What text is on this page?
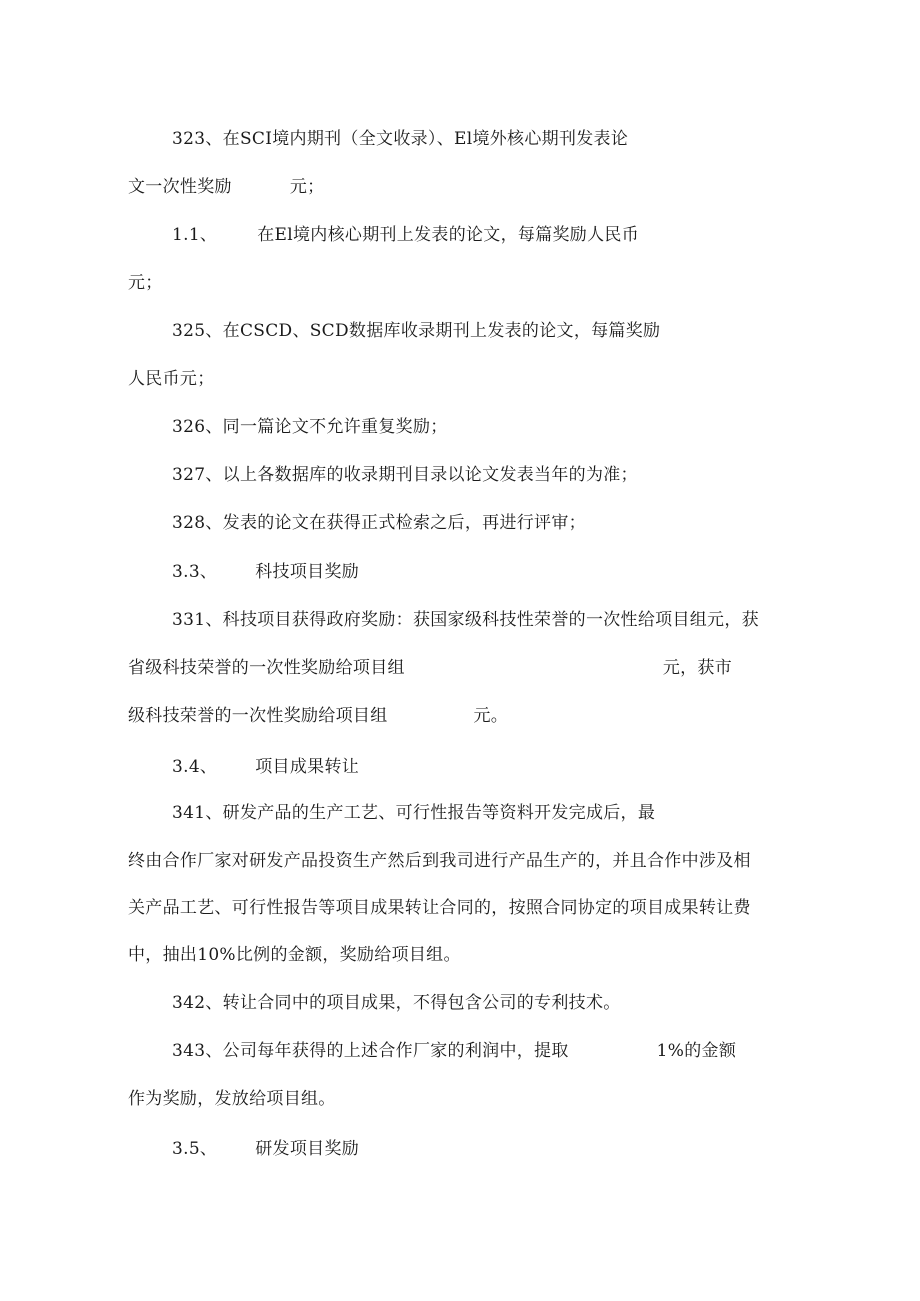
323、在SCI境内期刊（全文收录）、El境外核心期刊发表论
文一次性奖励	元；
1.1、 在El境内核心期刊上发表的论文，每篇奖励人民币
元；
325、在CSCD、SCD数据库收录期刊上发表的论文，每篇奖励
人民币元；
326、同一篇论文不允许重复奖励；
327、以上各数据库的收录期刊目录以论文发表当年的为准；
328、发表的论文在获得正式检索之后，再进行评审；
3.3、 科技项目奖励
331、科技项目获得政府奖励：获国家级科技性荣誉的一次性给项目组元，获
省级科技荣誉的一次性奖励给项目组	元，获市
级科技荣誉的一次性奖励给项目组	元。
3.4、 项目成果转让
341、研发产品的生产工艺、可行性报告等资料开发完成后，最
终由合作厂家对研发产品投资生产然后到我司进行产品生产的，并且合作中涉及相
关产品工艺、可行性报告等项目成果转让合同的，按照合同协定的项目成果转让费
中，抽出10%比例的金额，奖励给项目组。
342、转让合同中的项目成果，不得包含公司的专利技术。
343、公司每年获得的上述合作厂家的利润中，提取	1%的金额
作为奖励，发放给项目组。
3.5、 研发项目奖励
